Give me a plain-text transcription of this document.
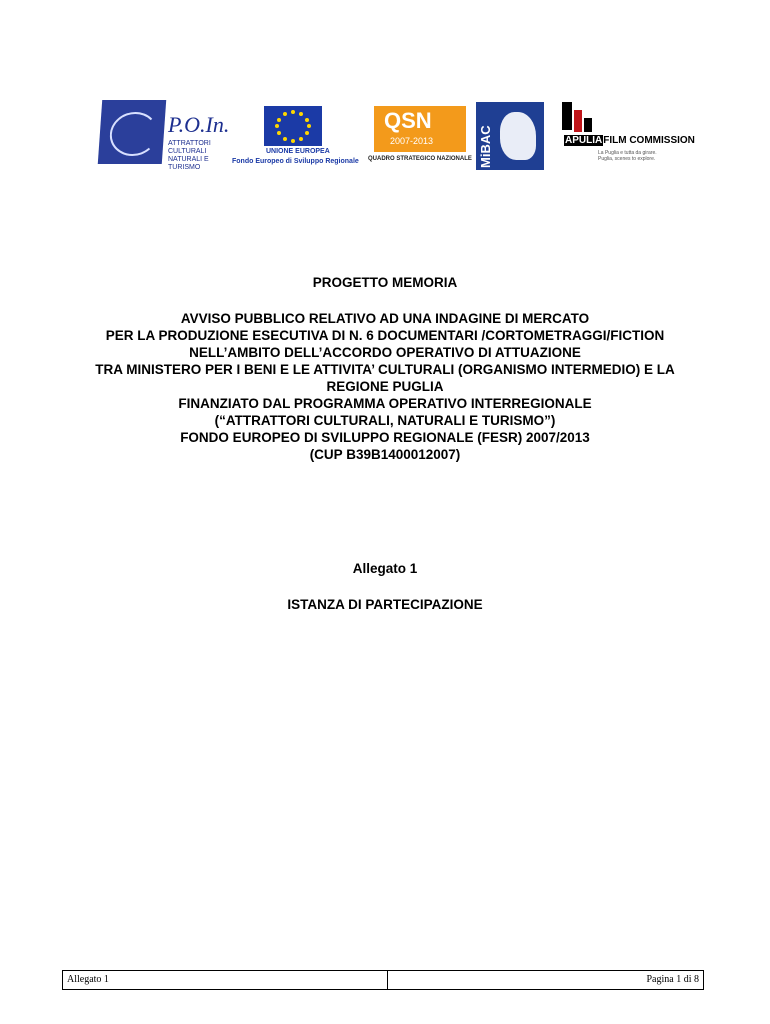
P.O.In.
ATTRATTORI CULTURALI NATURALI E TURISMO
UNIONE EUROPEA
Fondo Europeo di Sviluppo Regionale
QSN
2007-2013
QUADRO STRATEGICO NAZIONALE MiBAC	APULIAFILM COMMISSION
La Puglia e tutta da girare.
Puglia, scenes to explore.
PROGETTO MEMORIA
AVVISO PUBBLICO RELATIVO AD UNA INDAGINE DI MERCATO
PER LA PRODUZIONE ESECUTIVA DI N. 6 DOCUMENTARI /CORTOMETRAGGI/FICTION
NELL’AMBITO DELL’ACCORDO OPERATIVO DI ATTUAZIONE
TRA MINISTERO PER I BENI E LE ATTIVITA’ CULTURALI (ORGANISMO INTERMEDIO) E LA
REGIONE PUGLIA
FINANZIATO DAL PROGRAMMA OPERATIVO INTERREGIONALE
(“ATTRATTORI CULTURALI, NATURALI E TURISMO”)
FONDO EUROPEO DI SVILUPPO REGIONALE (FESR) 2007/2013
(CUP B39B1400012007)
Allegato 1
ISTANZA DI PARTECIPAZIONE
Allegato 1	Pagina 1 di 8
